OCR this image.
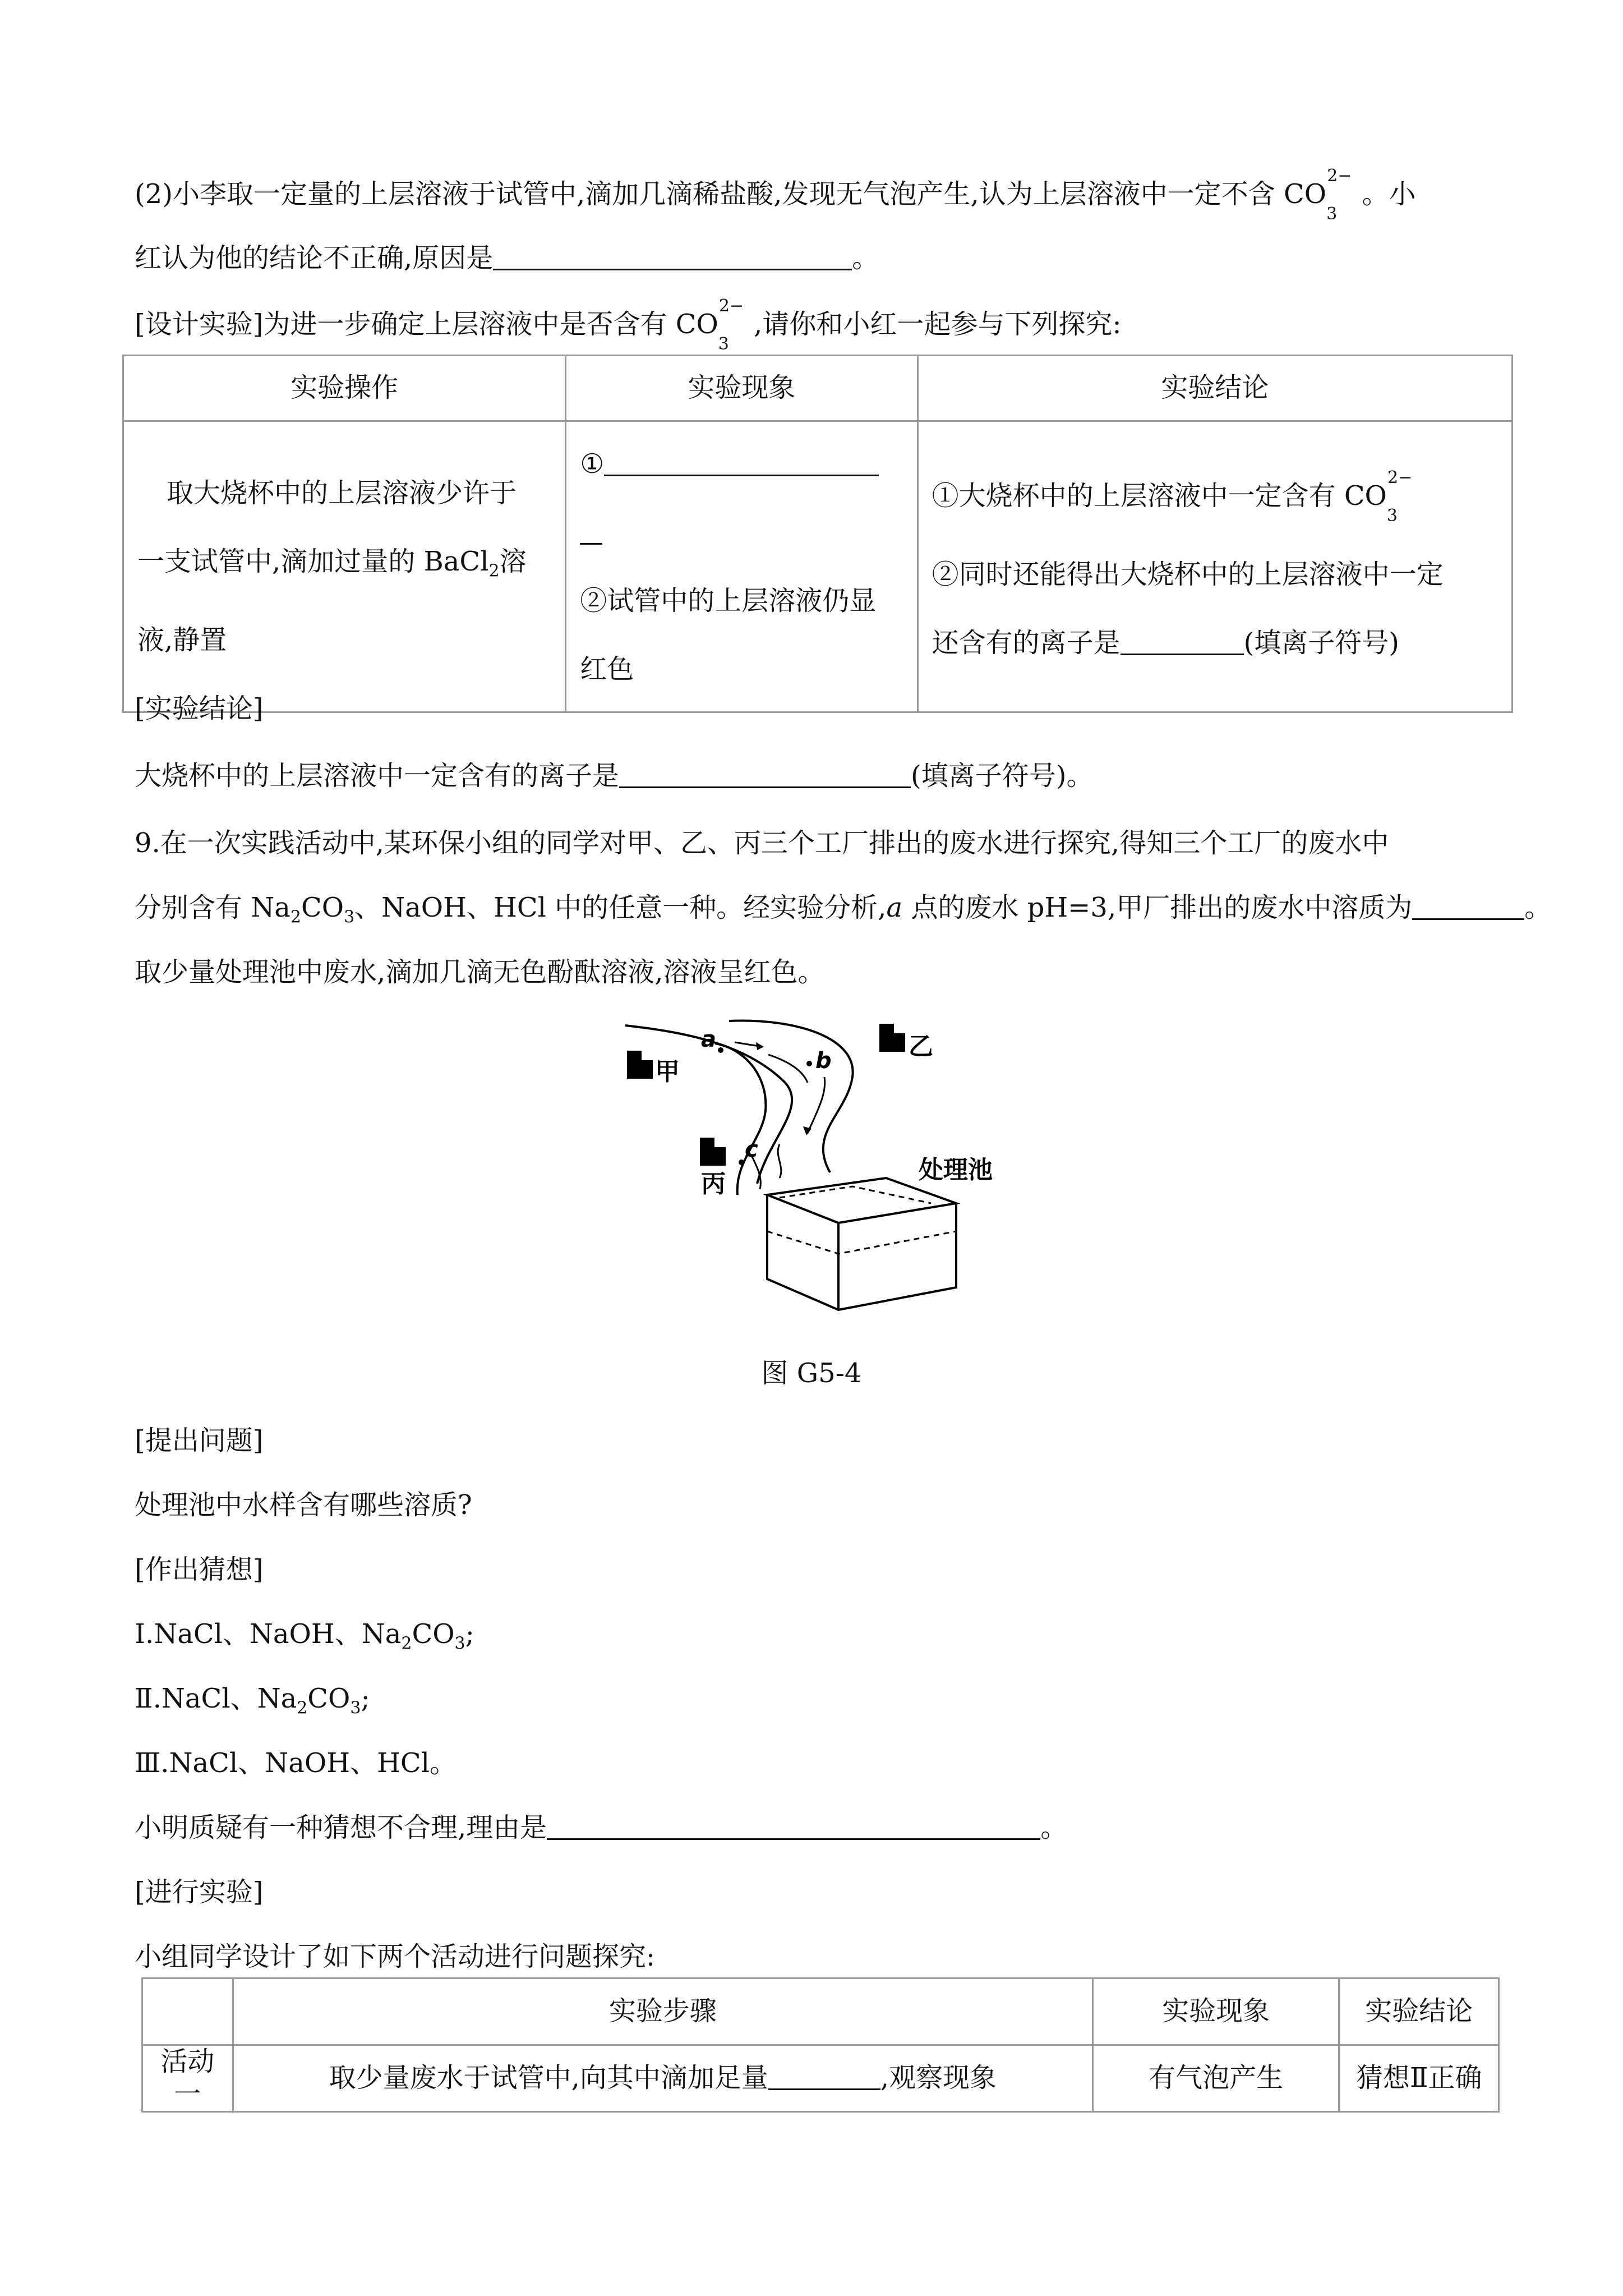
(2)小李取一定量的上层溶液于试管中,滴加几滴稀盐酸,发现无气泡产生,认为上层溶液中一定不含 $CO_3^{2-}$。小
红认为他的结论不正确,原因是	。
[设计实验]为进一步确定上层溶液中是否含有 $CO_3^{2-}$,请你和小红一起参与下列探究:
实验操作	实验现象	实验结论

取大烧杯中的上层溶液少许于
一支试管中,滴加过量的 BaCl$_2$溶
液,静置	①
②试管中的上层溶液仍显
红色	①大烧杯中的上层溶液中一定含有 $CO_3^{2-}$
②同时还能得出大烧杯中的上层溶液中一定
还含有的离子是 (填离子符号)
[实验结论]
大烧杯中的上层溶液中一定含有的离子是	(填离子符号)。
9.在一次实践活动中,某环保小组的同学对甲、乙、丙三个工厂排出的废水进行探究,得知三个工厂的废水中
分别含有 $Na_2CO_3$、NaOH、HCl 中的任意一种。经实验分析,a 点的废水 pH=3,甲厂排出的废水中溶质为	。
取少量处理池中废水,滴加几滴无色酚酞溶液,溶液呈红色。
甲
乙
丙
a
b
c
处理池
图 G5-4
[提出问题]
处理池中水样含有哪些溶质?
[作出猜想]
Ⅰ.NaCl、NaOH、$Na_2CO_3$;
Ⅱ.NaCl、$Na_2CO_3$;
Ⅲ.NaCl、NaOH、HCl。
小明质疑有一种猜想不合理,理由是	。
[进行实验]
小组同学设计了如下两个活动进行问题探究:
	实验步骤	实验现象	实验结论
活动一	取少量废水于试管中,向其中滴加足量 ,观察现象	有气泡产生	猜想Ⅱ正确
